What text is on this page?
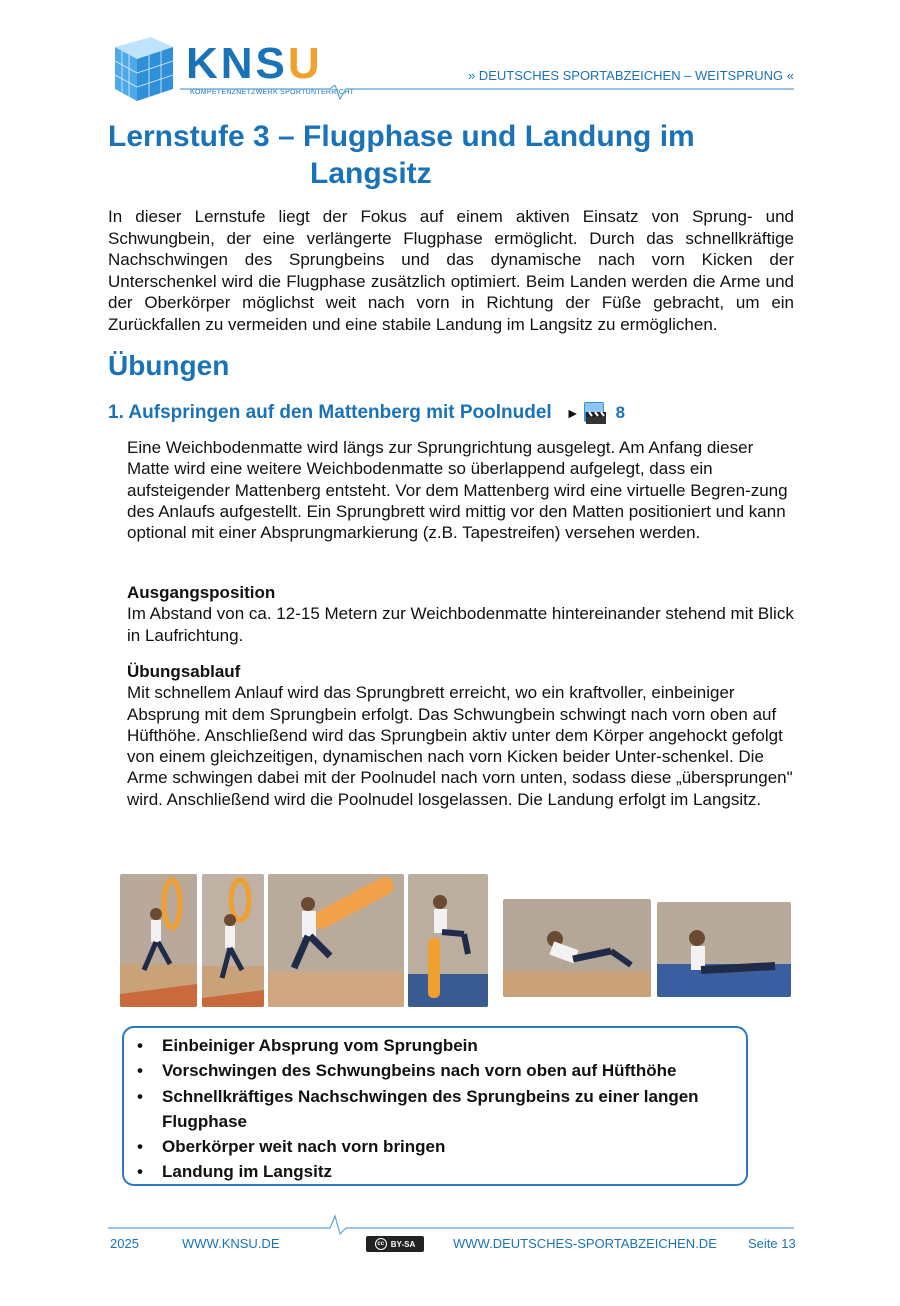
KNSU
KOMPETENZNETZWERK SPORTUNTERRICHT
» DEUTSCHES SPORTABZEICHEN – WEITSPRUNG «
Lernstufe 3 – Flugphase und Landung im
Langsitz
In dieser Lernstufe liegt der Fokus auf einem aktiven Einsatz von Sprung- und Schwungbein, der eine verlängerte Flugphase ermöglicht. Durch das schnellkräftige Nachschwingen des Sprungbeins und das dynamische nach vorn Kicken der Unterschenkel wird die Flugphase zusätzlich optimiert. Beim Landen werden die Arme und der Oberkörper möglichst weit nach vorn in Richtung der Füße gebracht, um ein Zurückfallen zu vermeiden und eine stabile Landung im Langsitz zu ermöglichen.
Übungen
1. Aufspringen auf den Mattenberg mit Poolnudel ► 8
Eine Weichbodenmatte wird längs zur Sprungrichtung ausgelegt. Am Anfang dieser Matte wird eine weitere Weichbodenmatte so überlappend aufgelegt, dass ein aufsteigender Mattenberg entsteht. Vor dem Mattenberg wird eine virtuelle Begren-zung des Anlaufs aufgestellt. Ein Sprungbrett wird mittig vor den Matten positioniert und kann optional mit einer Absprungmarkierung (z.B. Tapestreifen) versehen werden.
Ausgangsposition
Im Abstand von ca. 12-15 Metern zur Weichbodenmatte hintereinander stehend mit Blick in Laufrichtung.
Übungsablauf
Mit schnellem Anlauf wird das Sprungbrett erreicht, wo ein kraftvoller, einbeiniger Absprung mit dem Sprungbein erfolgt. Das Schwungbein schwingt nach vorn oben auf Hüfthöhe. Anschließend wird das Sprungbein aktiv unter dem Körper angehockt gefolgt von einem gleichzeitigen, dynamischen nach vorn Kicken beider Unter-schenkel. Die Arme schwingen dabei mit der Poolnudel nach vorn unten, sodass diese „übersprungen" wird. Anschließend wird die Poolnudel losgelassen. Die Landung erfolgt im Langsitz.
• Einbeiniger Absprung vom Sprungbein
• Vorschwingen des Schwungbeins nach vorn oben auf Hüfthöhe
• Schnellkräftiges Nachschwingen des Sprungbeins zu einer langen Flugphase
• Oberkörper weit nach vorn bringen
• Landung im Langsitz
2025	WWW.KNSU.DE	cc BY-SA	WWW.DEUTSCHES-SPORTABZEICHEN.DE Seite 13
